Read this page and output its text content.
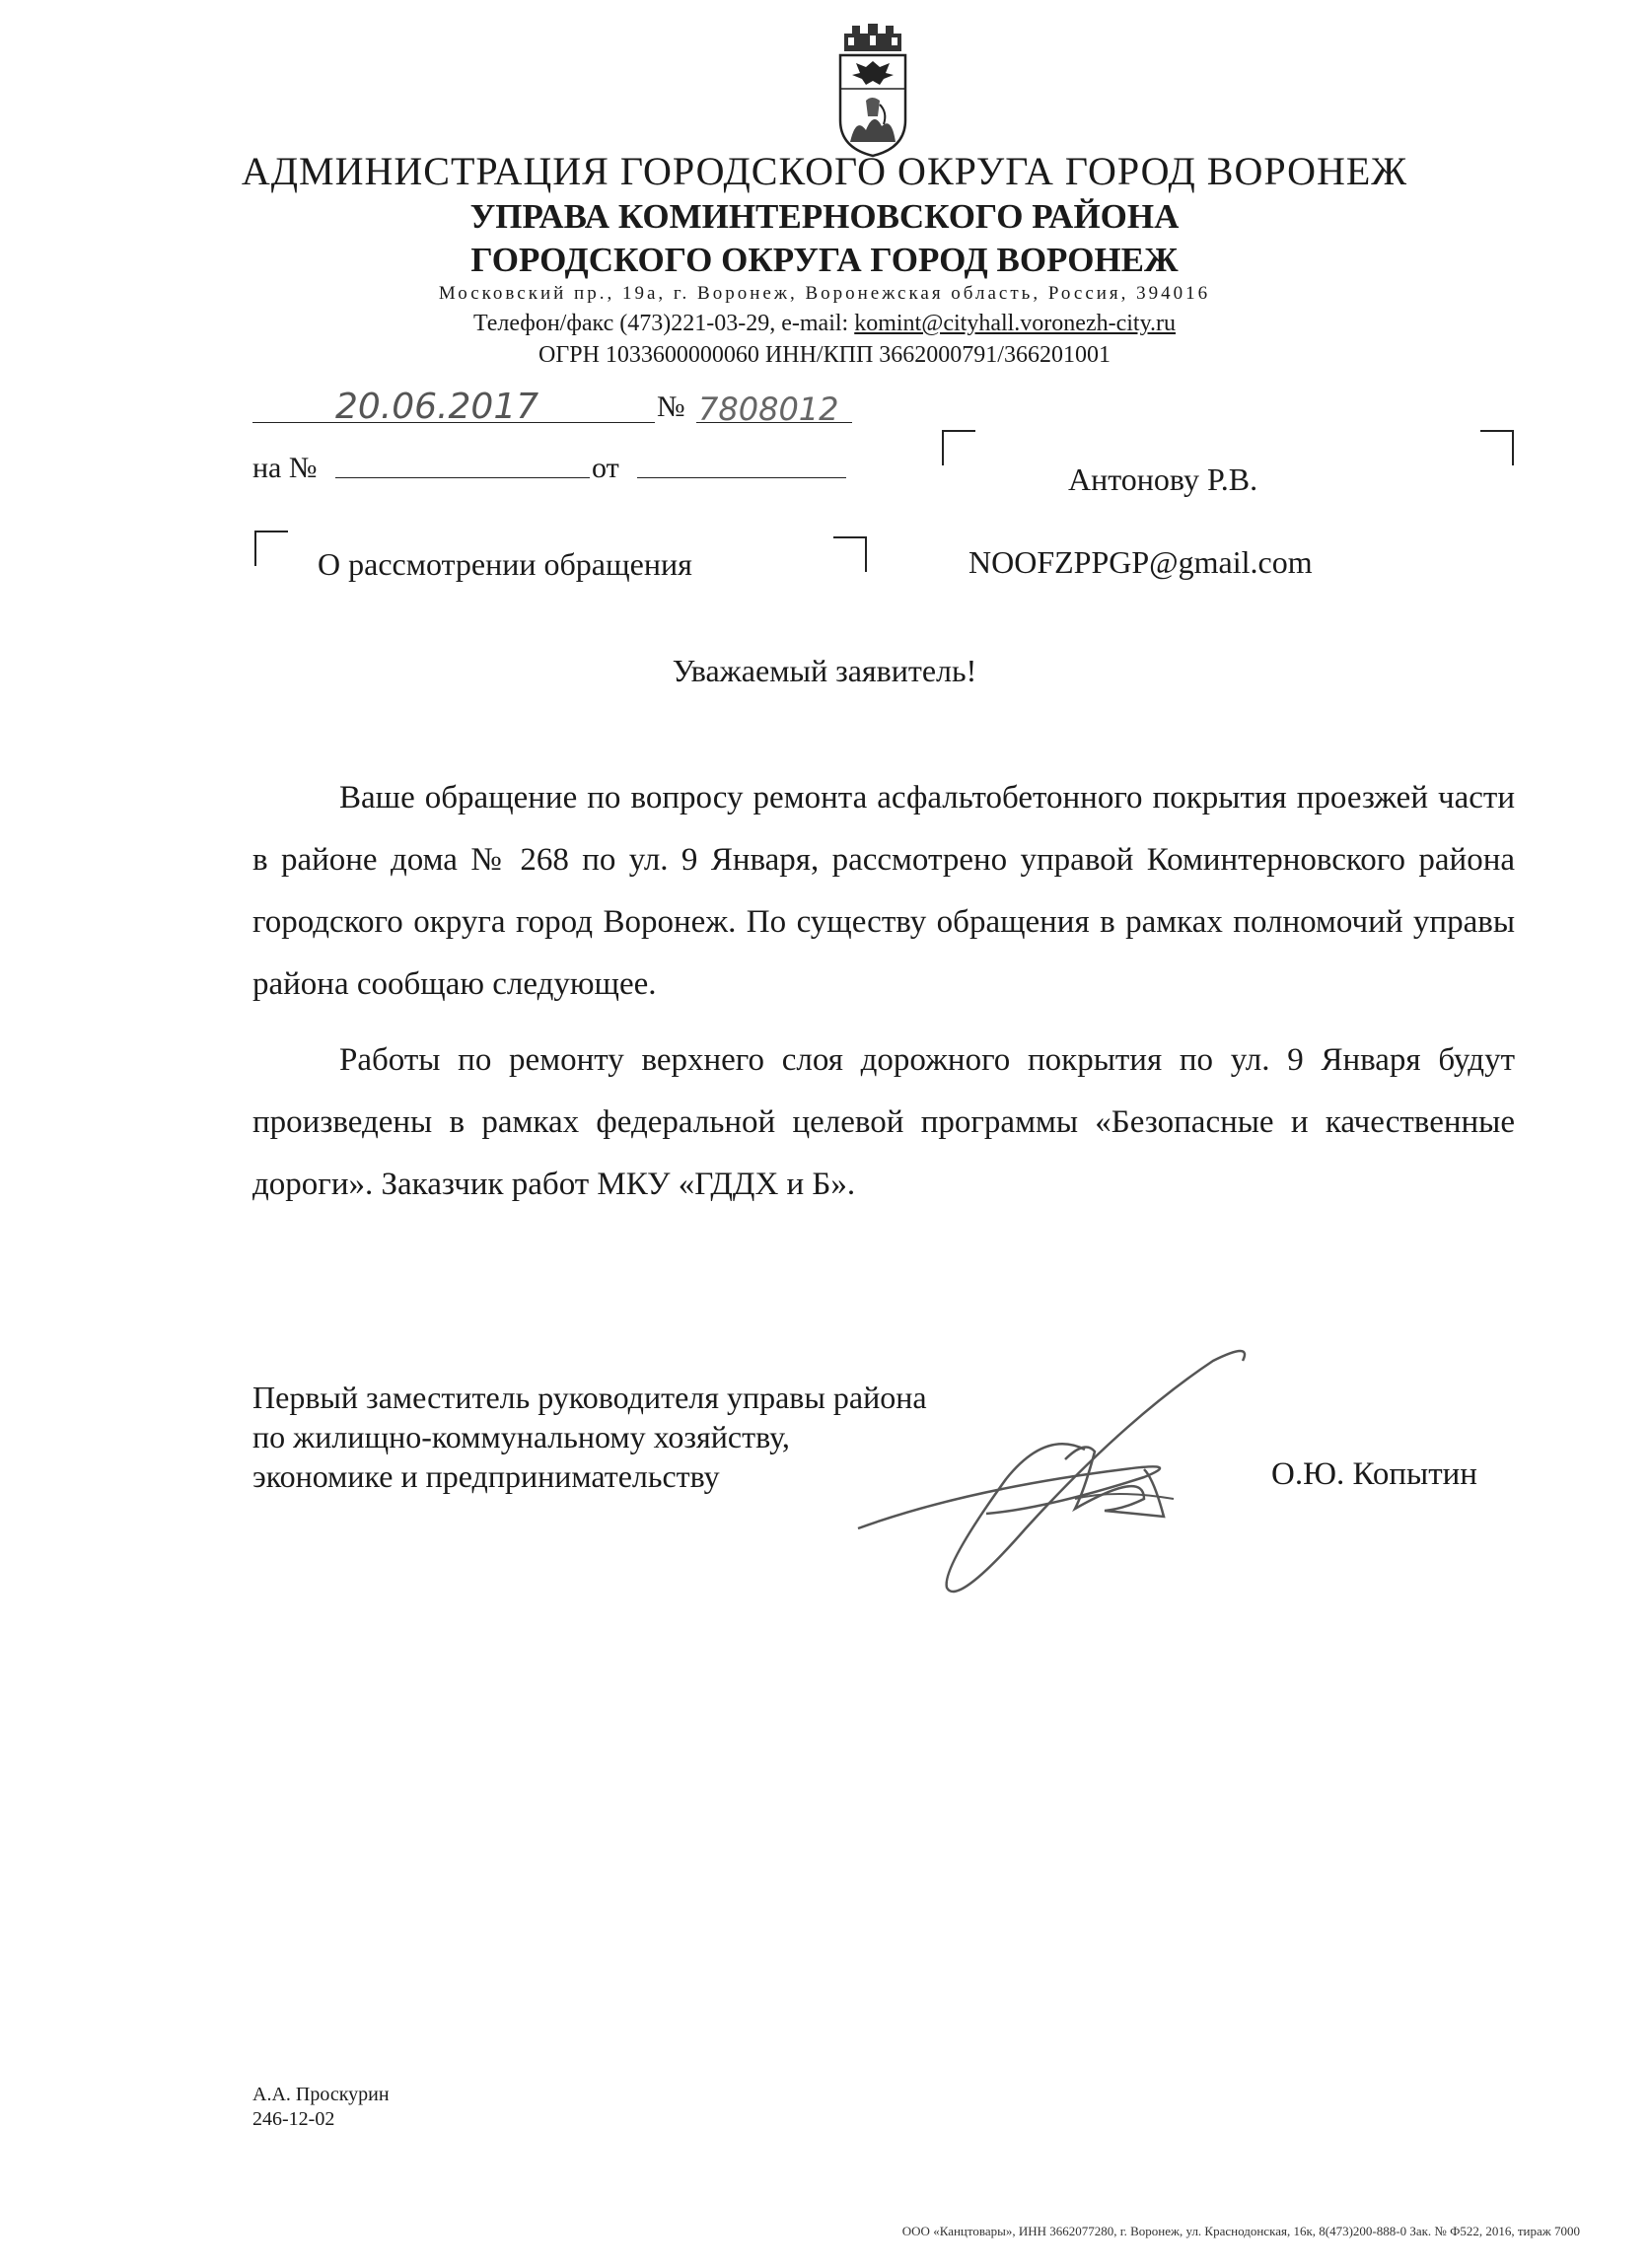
АДМИНИСТРАЦИЯ ГОРОДСКОГО ОКРУГА ГОРОД ВОРОНЕЖ
УПРАВА КОМИНТЕРНОВСКОГО РАЙОНА
ГОРОДСКОГО ОКРУГА ГОРОД ВОРОНЕЖ
Московский пр., 19а, г. Воронеж, Воронежская область, Россия, 394016
Телефон/факс (473)221-03-29, e-mail: komint@cityhall.voronezh-city.ru
ОГРН 1033600000060 ИНН/КПП 3662000791/366201001
20.06.2017	№ 7808012
на №	от
О рассмотрении обращения
Антонову Р.В.
NOOFZPPGP@gmail.com
Уважаемый заявитель!
Ваше обращение по вопросу ремонта асфальтобетонного покрытия проезжей части в районе дома № 268 по ул. 9 Января, рассмотрено управой Коминтерновского района городского округа город Воронеж. По существу обращения в рамках полномочий управы района сообщаю следующее.
Работы по ремонту верхнего слоя дорожного покрытия по ул. 9 Января будут произведены в рамках федеральной целевой программы «Безопасные и качественные дороги». Заказчик работ МКУ «ГДДХ и Б».
Первый заместитель руководителя управы района
по жилищно-коммунальному хозяйству,
экономике и предпринимательству	О.Ю. Копытин
А.А. Проскурин
246-12-02
ООО «Канцтовары», ИНН 3662077280, г. Воронеж, ул. Краснодонская, 16к, 8(473)200-888-0 Зак. № Ф522, 2016, тираж 7000
